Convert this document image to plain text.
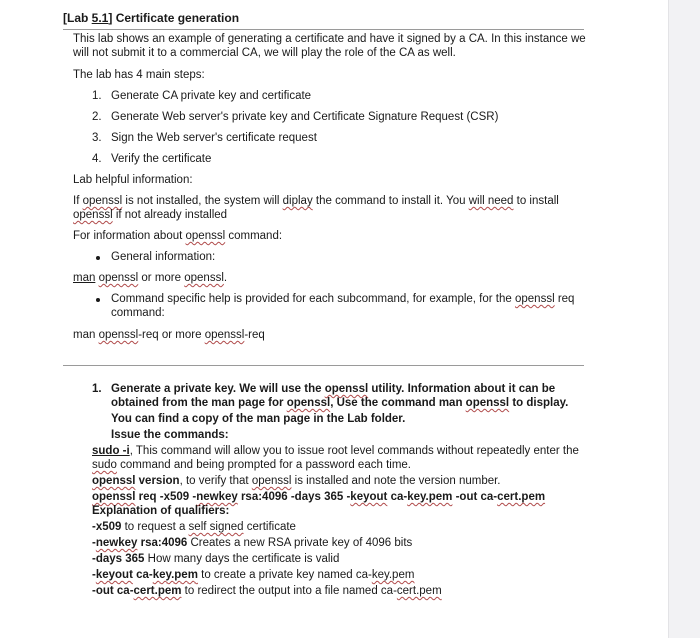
[Lab 5.1] Certificate generation
This lab shows an example of generating a certificate and have it signed by a CA. In this instance we
will not submit it to a commercial CA, we will play the role of the CA as well.
The lab has 4 main steps:
1. Generate CA private key and certificate
2. Generate Web server's private key and Certificate Signature Request (CSR)
3. Sign the Web server's certificate request
4. Verify the certificate
Lab helpful information:
If openssl is not installed, the system will diplay the command to install it. You will need to install
openssl if not already installed
For information about openssl command:
General information:
man openssl or more openssl.
Command specific help is provided for each subcommand, for example, for the openssl req
command:
man openssl-req or more openssl-req
1. Generate a private key. We will use the openssl utility. Information about it can be
obtained from the man page for openssl, Use the command man openssl to display.
You can find a copy of the man page in the Lab folder.
Issue the commands:
sudo -i, This command will allow you to issue root level commands without repeatedly enter the
sudo command and being prompted for a password each time.
openssl version, to verify that openssl is installed and note the version number.
openssl req -x509 -newkey rsa:4096 -days 365 -keyout ca-key.pem -out ca-cert.pem
Explanation of qualifiers:
-x509 to request a self signed certificate
-newkey rsa:4096 Creates a new RSA private key of 4096 bits
-days 365 How many days the certificate is valid
-keyout ca-key.pem to create a private key named ca-key.pem
-out ca-cert.pem to redirect the output into a file named ca-cert.pem
